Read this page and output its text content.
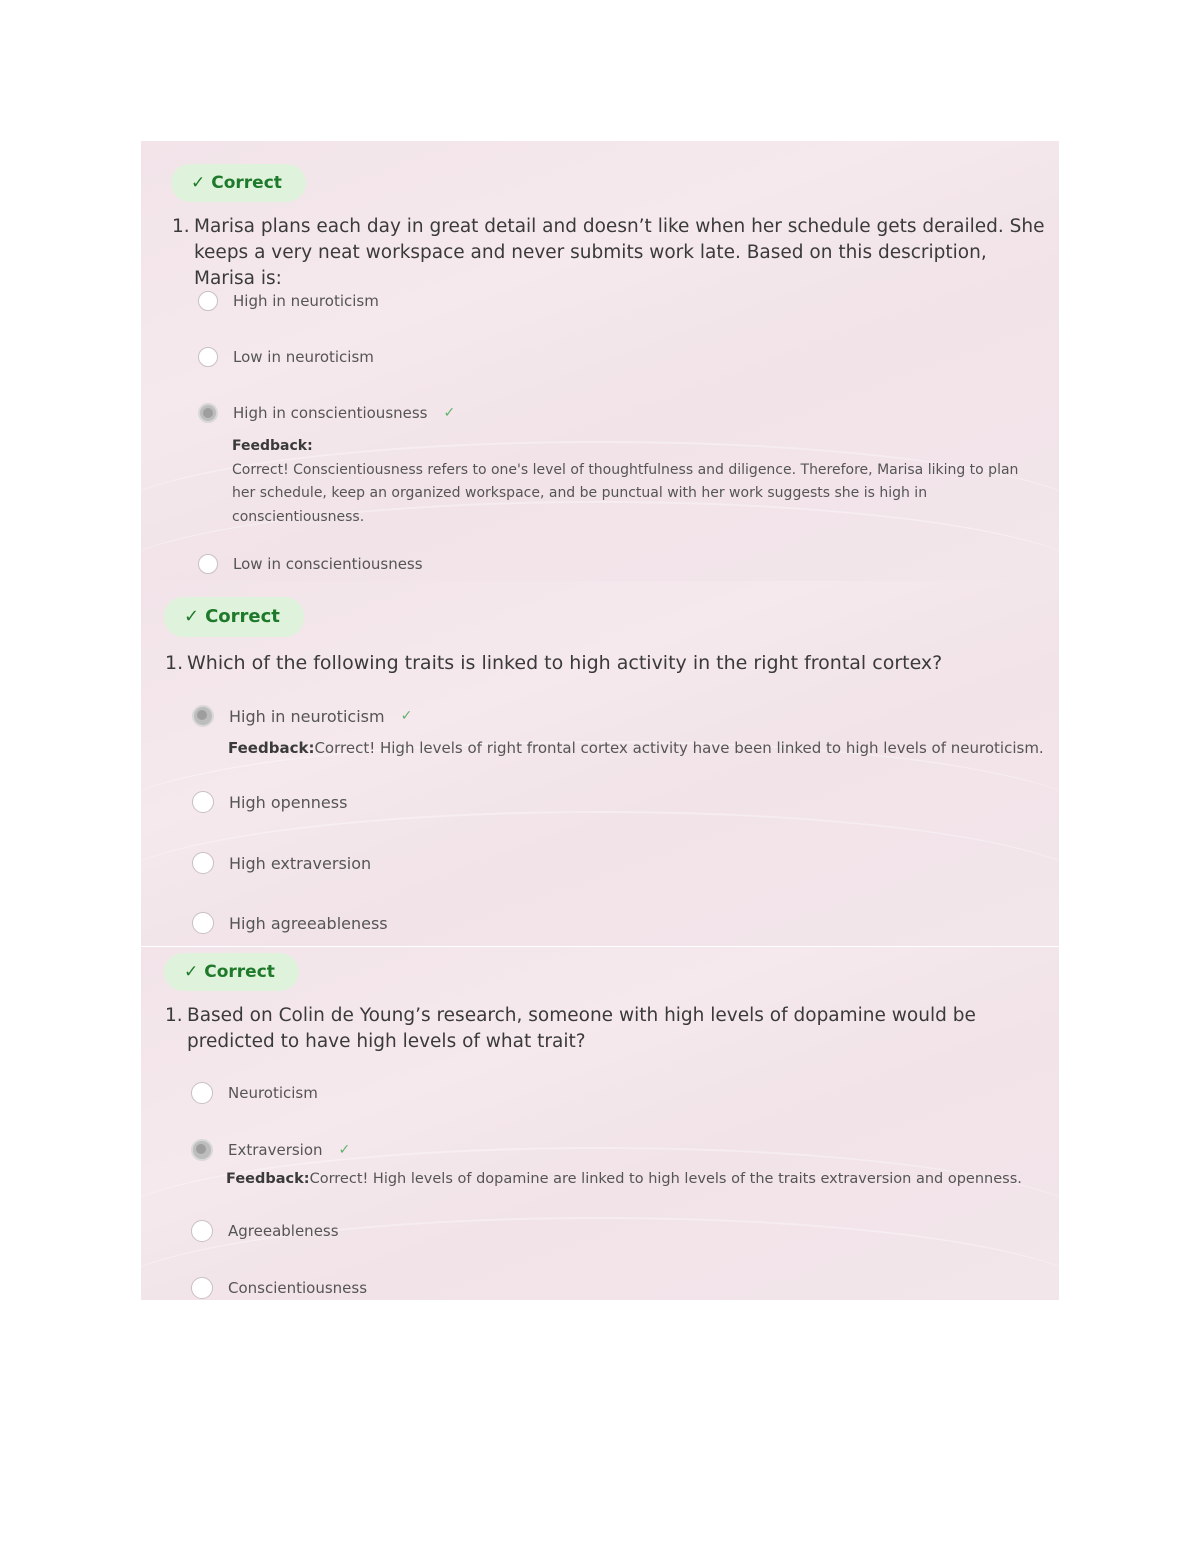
✓ Correct
1. Marisa plans each day in great detail and doesn’t like when her schedule gets derailed. She keeps a very neat workspace and never submits work late. Based on this description, Marisa is:
High in neuroticism
Low in neuroticism
High in conscientiousness ✓
Feedback:
Correct! Conscientiousness refers to one's level of thoughtfulness and diligence. Therefore, Marisa liking to plan her schedule, keep an organized workspace, and be punctual with her work suggests she is high in conscientiousness.
Low in conscientiousness
✓ Correct
1. Which of the following traits is linked to high activity in the right frontal cortex?
High in neuroticism ✓
Feedback:Correct! High levels of right frontal cortex activity have been linked to high levels of neuroticism.
High openness
High extraversion
High agreeableness
✓ Correct
1. Based on Colin de Young’s research, someone with high levels of dopamine would be predicted to have high levels of what trait?
Neuroticism
Extraversion ✓
Feedback:Correct! High levels of dopamine are linked to high levels of the traits extraversion and openness.
Agreeableness
Conscientiousness
